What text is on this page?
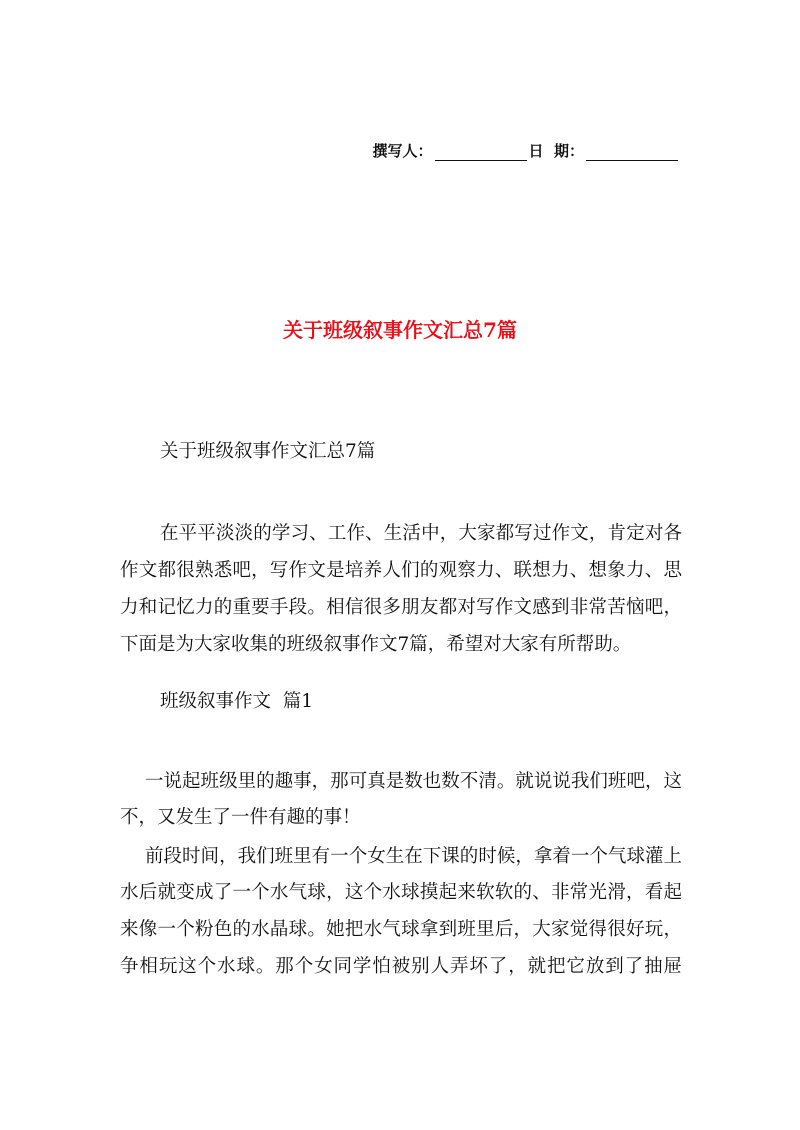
撰写人：	日  期：
关于班级叙事作文汇总7篇
关于班级叙事作文汇总7篇
在平平淡淡的学习、工作、生活中，大家都写过作文，肯定对各
作文都很熟悉吧，写作文是培养人们的观察力、联想力、想象力、思
力和记忆力的重要手段。相信很多朋友都对写作文感到非常苦恼吧，
下面是为大家收集的班级叙事作文7篇，希望对大家有所帮助。
班级叙事作文  篇1
一说起班级里的趣事，那可真是数也数不清。就说说我们班吧，这
不，又发生了一件有趣的事！
前段时间，我们班里有一个女生在下课的时候，拿着一个气球灌上
水后就变成了一个水气球，这个水球摸起来软软的、非常光滑，看起
来像一个粉色的水晶球。她把水气球拿到班里后，大家觉得很好玩，
争相玩这个水球。那个女同学怕被别人弄坏了，就把它放到了抽屉
